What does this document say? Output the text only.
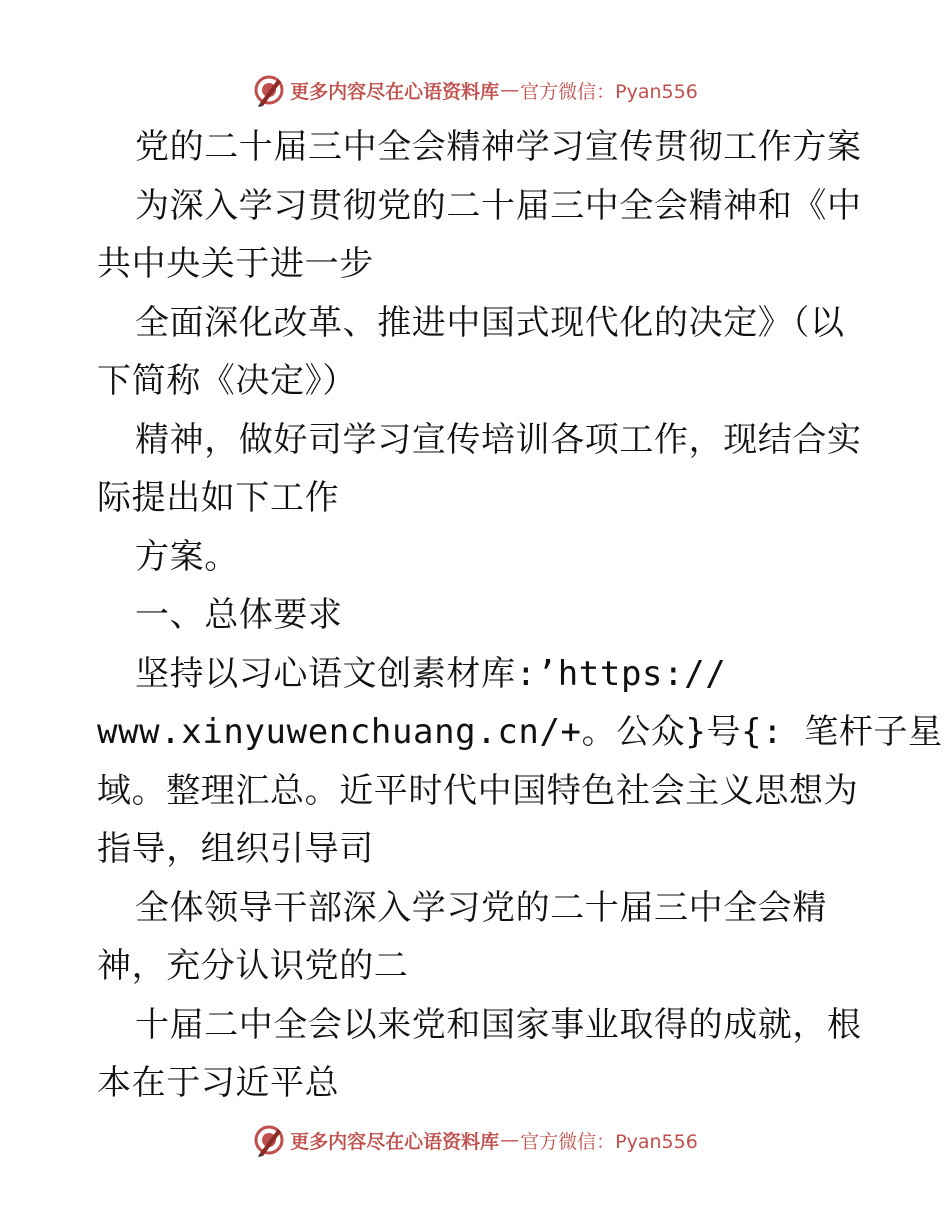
更多内容尽在心语资料库 — 官方微信：Pyan556
党的二十届三中全会精神学习宣传贯彻工作方案
为深入学习贯彻党的二十届三中全会精神和《中
共中央关于进一步
全面深化改革、推进中国式现代化的决定》（以
下简称《决定》）
精神，做好司学习宣传培训各项工作，现结合实
际提出如下工作
方案。
一、总体要求
坚持以习心语文创素材库:’https://
www.xinyuwenchuang.cn/+。公众}号{: 笔杆子星
域。整理汇总。近平时代中国特色社会主义思想为
指导，组织引导司
全体领导干部深入学习党的二十届三中全会精
神，充分认识党的二
十届二中全会以来党和国家事业取得的成就，根
本在于习近平总
更多内容尽在心语资料库 — 官方微信：Pyan556
